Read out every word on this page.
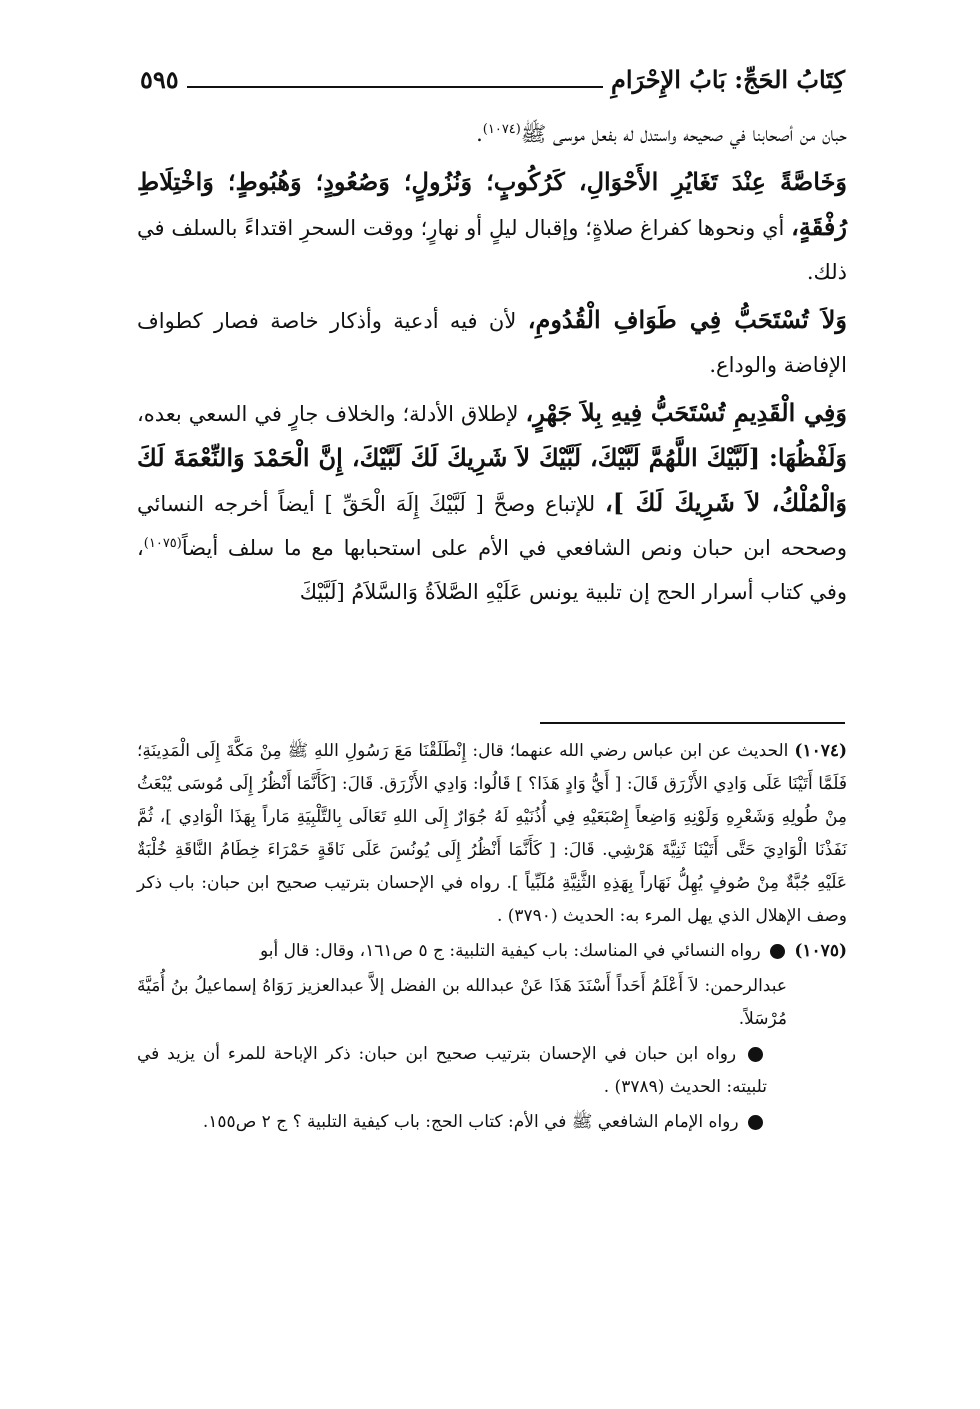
كِتَابُ الحَجِّ: بَابُ الإِحْرَامِ
٥٩٥

حبان من أصحابنا في صحيحه واستدل له بفعل موسى ﷺ$^{(١٠٧٤)}$.

وَخَاصَّةً عِنْدَ تَغَايُرِ الأَحْوَالِ، كَرُكُوبٍ؛ وَنُزُولٍ؛ وَصُعُودٍ؛ وَهُبُوطٍ؛ وَاخْتِلَاطِ رُفْقَةٍ، أي ونحوها كفراغ صلاةٍ؛ وإقبال ليلٍ أو نهارٍ؛ ووقت السحرِ اقتداءً بالسلف في ذلك.

وَلاَ تُسْتَحَبُّ فِي طَوَافِ الْقُدُومِ، لأن فيه أدعية وأذكار خاصة فصار كطواف الإفاضة والوداع.

وَفِي الْقَدِيمِ تُسْتَحَبُّ فِيهِ بِلاَ جَهْرٍ، لإطلاق الأدلة؛ والخلاف جارٍ في السعي بعده، وَلَفْظُهَا: [لَبَّيْكَ اللَّهُمَّ لَبَّيْكَ، لَبَّيْكَ لاَ شَرِيكَ لَكَ لَبَّيْكَ، إِنَّ الْحَمْدَ وَالنِّعْمَةَ لَكَ وَالْمُلْكُ، لاَ شَرِيكَ لَكَ ]، للإتباع وصحَّ [ لَبَّيْكَ إِلَهَ الْحَقِّ ] أيضاً أخرجه النسائي وصححه ابن حبان ونص الشافعي في الأم على استحبابها مع ما سلف أيضاً$^{(١٠٧٥)}$، وفي كتاب أسرار الحج إن تلبية يونس عَلَيْهِ الصَّلاَةُ وَالسَّلاَمُ [لَبَّيْكَ

(١٠٧٤) الحديث عن ابن عباس رضي الله عنهما؛ قال: إِنْطَلَقْنَا مَعَ رَسُولِ اللهِ ﷺ مِنْ مَكَّةَ إِلَى الْمَدِينَةِ؛ فَلَمَّا أَتَيْنَا عَلَى وَادِي الأَزْرَق قَالَ: [ أَيُّ وَادٍ هَذَا؟ ] قَالُوا: وَادِي الأَزْرَق. قَالَ: [كَأَنَّمَا أَنْظُرُ إِلَى مُوسَى يُبْعَثُ مِنْ طُولِهِ وَشَعْرِهِ وَلَوْنِهِ وَاضِعاً إِصْبَعَيْهِ فِي أُذُنَيْهِ لَهُ جُوَارٌ إِلَى اللهِ تَعَالَى بِالتَّلْبِيَةِ مَاراً بِهَذَا الْوَادِي ]، ثُمَّ نَفَذْنَا الْوَادِيَ حَتَّى أَتَيْنَا ثَنِيَّةَ هَرْشِي. قَالَ: [ كَأَنَّمَا أَنْظُرُ إِلَى يُونُسَ عَلَى نَاقَةٍ حَمْرَاءَ خِطَامُ النَّاقَةِ خُلْبَةٌ عَلَيْهِ جُبَّةٌ مِنْ صُوفٍ يُهِلُّ نَهَاراً بِهَذِهِ الثَّنِيَّةِ مُلَبِّياً ]. رواه في الإحسان بترتيب صحيح ابن حبان: باب ذكر وصف الإهلال الذي يهل المرء به: الحديث (٣٧٩٠) .

(١٠٧٥)  رواه النسائي في المناسك: باب كيفية التلبية: ج ٥ ص١٦١، وقال: قال أبو

عبدالرحمن: لاَ أَعْلَمُ أَحَداً أَسْنَدَ هَذَا عَنْ عبدالله بن الفضل إلاَّ عبدالعزيز رَوَاهُ إسماعيلُ بنُ أُمَيَّةَ مُرْسَلاً.

رواه ابن حبان في الإحسان بترتيب صحيح ابن حبان: ذكر الإباحة للمرء أن يزيد في تلبيته: الحديث (٣٧٨٩) .

رواه الإمام الشافعي ﷺ في الأم: كتاب الحج: باب كيفية التلبية ؟ ج ٢ ص١٥٥.
